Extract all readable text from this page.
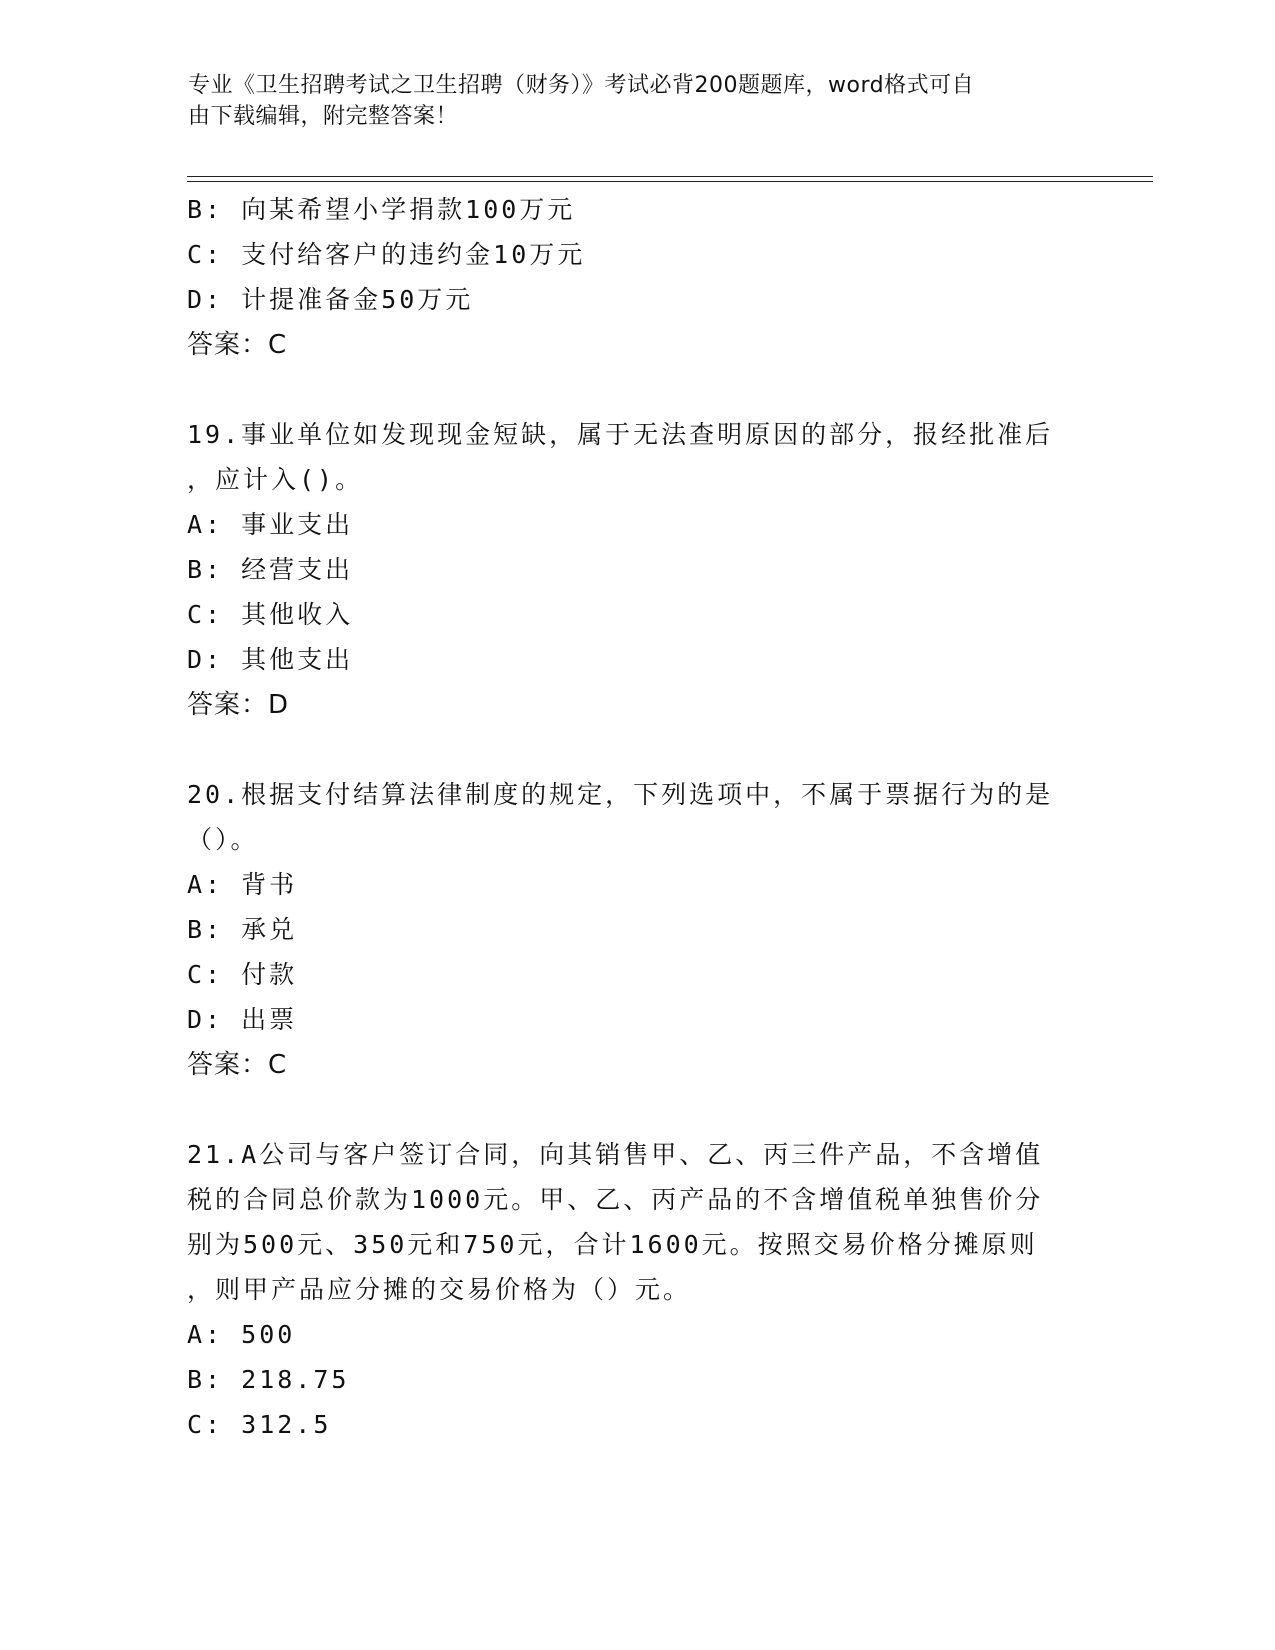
专业《卫生招聘考试之卫生招聘（财务）》考试必背200题题库，word格式可自
由下载编辑，附完整答案！
B: 向某希望小学捐款100万元
C: 支付给客户的违约金10万元
D: 计提准备金50万元
答案：C
19.事业单位如发现现金短缺，属于无法查明原因的部分，报经批准后
，应计入()。
A: 事业支出
B: 经营支出
C: 其他收入
D: 其他支出
答案：D
20.根据支付结算法律制度的规定，下列选项中，不属于票据行为的是
（）。
A: 背书
B: 承兑
C: 付款
D: 出票
答案：C
21.A公司与客户签订合同，向其销售甲、乙、丙三件产品，不含增值
税的合同总价款为1000元。甲、乙、丙产品的不含增值税单独售价分
别为500元、350元和750元，合计1600元。按照交易价格分摊原则
，则甲产品应分摊的交易价格为（）元。
A: 500
B: 218.75
C: 312.5
